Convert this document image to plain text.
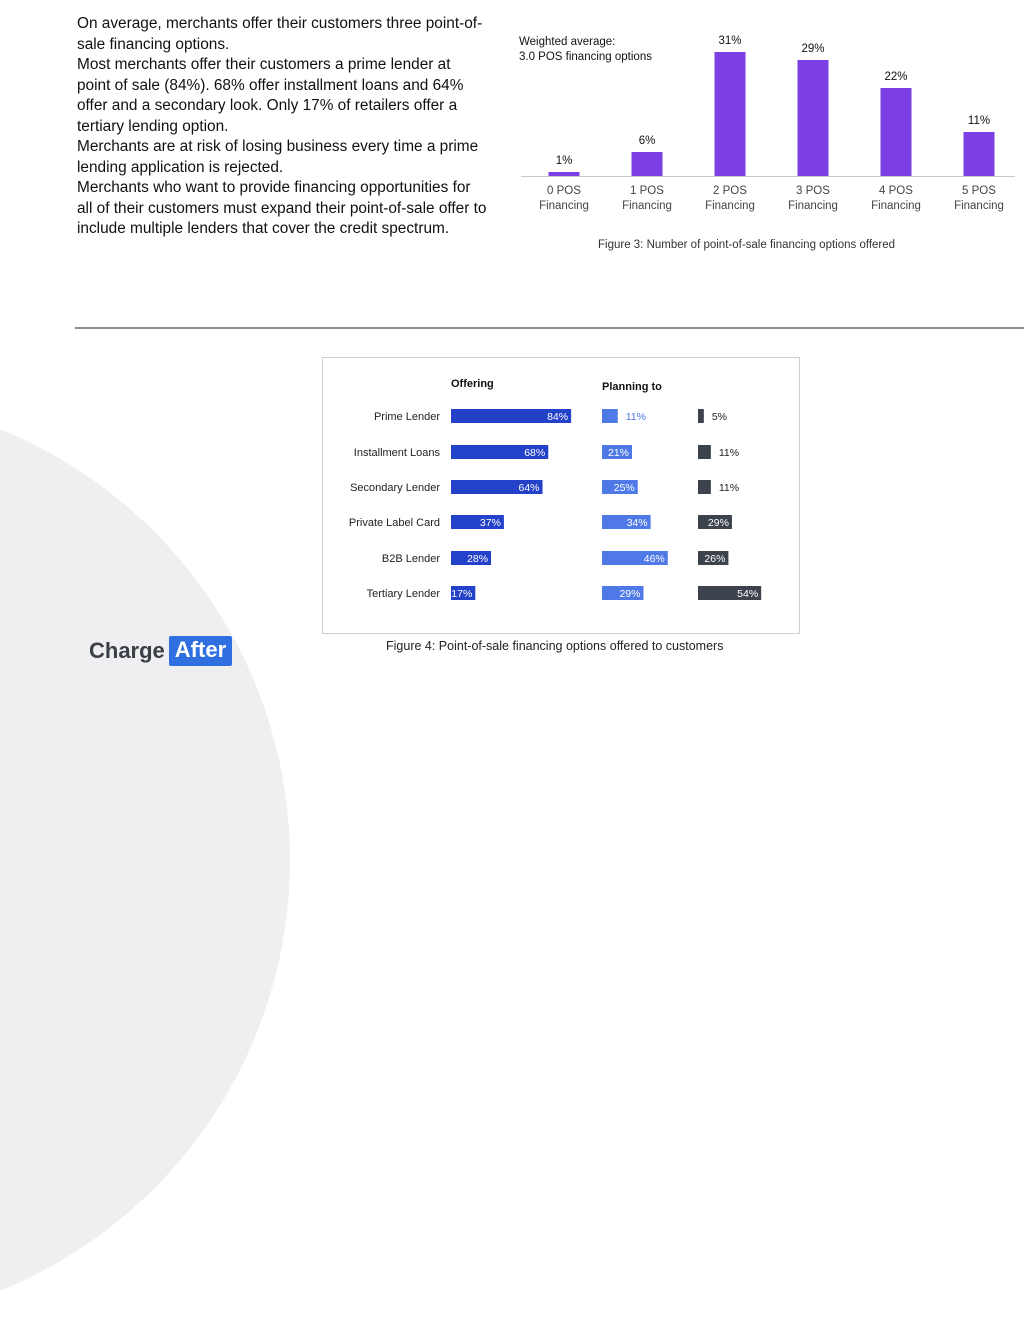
On average, merchants offer their customers three point-of-sale financing options.

Most merchants offer their customers a prime lender at point of sale (84%). 68% offer installment loans and 64% offer and a secondary look. Only 17% of retailers offer a tertiary lending option.

Merchants are at risk of losing business every time a prime lending application is rejected.

Merchants who want to provide financing opportunities for all of their customers must expand their point-of-sale offer to include multiple lenders that cover the credit spectrum.

1%
0 POS
Financing
6%
1 POS
Financing
31%
2 POS
Financing
29%
3 POS
Financing
22%
4 POS
Financing
11%
5 POS
Financing
Weighted average:
3.0 POS financing options
Figure 3: Number of point-of-sale financing options offered
Offering	Planning to
Prime Lender
Installment Loans
Secondary Lender
Private Label Card
B2B Lender
Tertiary Lender
84%
68%
64%
37%
28%
17%
11%
21%
25%
34%
46%
29%
5%
11%
11%
29%
26%
54%
Figure 4: Point-of-sale financing options offered to customers
Charge After
